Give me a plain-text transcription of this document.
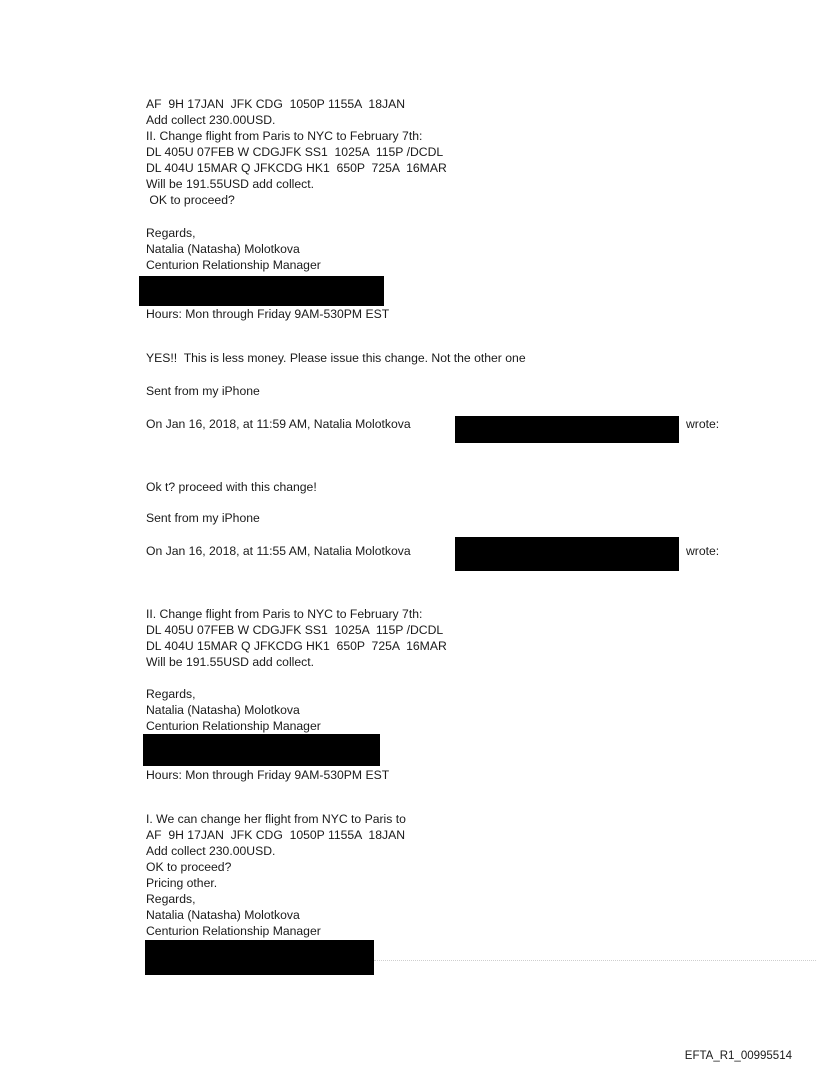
AF  9H 17JAN  JFK CDG  1050P 1155A  18JAN

Add collect 230.00USD.

II. Change flight from Paris to NYC to February 7th:

DL 405U 07FEB W CDGJFK SS1  1025A  115P /DCDL

DL 404U 15MAR Q JFKCDG HK1  650P  725A  16MAR

Will be 191.55USD add collect.

OK to proceed?

Regards,

Natalia (Natasha) Molotkova

Centurion Relationship Manager

Hours: Mon through Friday 9AM-530PM EST

YES!!  This is less money. Please issue this change. Not the other one

Sent from my iPhone

On Jan 16, 2018, at 11:59 AM, Natalia Molotkova	wrote:

Ok t? proceed with this change!

Sent from my iPhone

On Jan 16, 2018, at 11:55 AM, Natalia Molotkova	wrote:

II. Change flight from Paris to NYC to February 7th:

DL 405U 07FEB W CDGJFK SS1  1025A  115P /DCDL

DL 404U 15MAR Q JFKCDG HK1  650P  725A  16MAR

Will be 191.55USD add collect.

Regards,

Natalia (Natasha) Molotkova

Centurion Relationship Manager

Hours: Mon through Friday 9AM-530PM EST

I. We can change her flight from NYC to Paris to

AF  9H 17JAN  JFK CDG  1050P 1155A  18JAN

Add collect 230.00USD.

OK to proceed?

Pricing other.

Regards,

Natalia (Natasha) Molotkova

Centurion Relationship Manager

EFTA_R1_00995514
